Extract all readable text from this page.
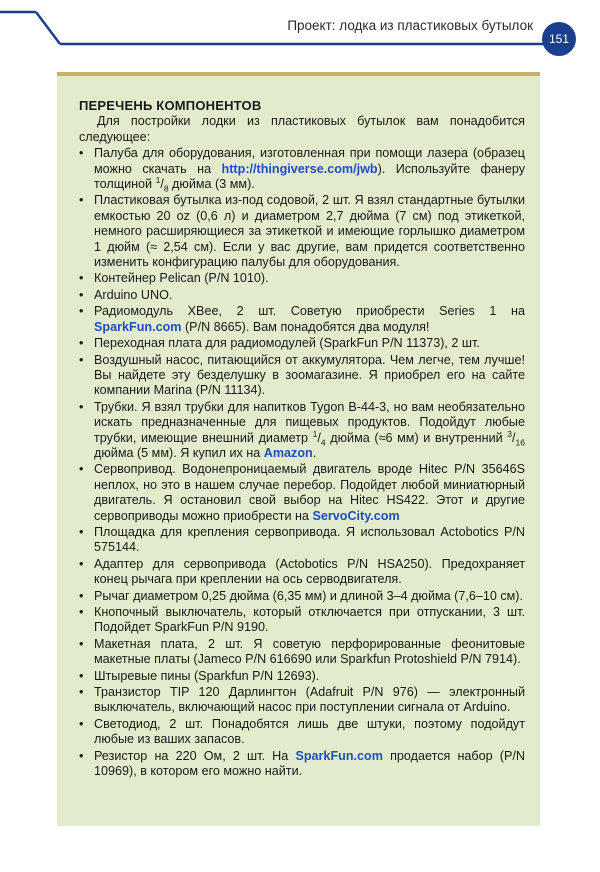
Проект: лодка из пластиковых бутылок
151
ПЕРЕЧЕНЬ КОМПОНЕНТОВ

Для постройки лодки из пластиковых бутылок вам понадобится следующее:

• Палуба для оборудования, изготовленная при помощи лазера (образец можно скачать на http://thingiverse.com/jwb). Используйте фанеру толщиной $^1/_8$ дюйма (3 мм).
• Пластиковая бутылка из-под содовой, 2 шт. Я взял стандартные бутылки емкостью 20 oz (0,6 л) и диаметром 2,7 дюйма (7 см) под этикеткой, немного расширяющиеся за этикеткой и имеющие горлышко диаметром 1 дюйм (≈ 2,54 см). Если у вас другие, вам придется соответственно изменить конфигурацию палубы для оборудования.
• Контейнер Pelican (P/N 1010).
• Arduino UNO.
• Радиомодуль XBee, 2 шт. Советую приобрести Series 1 на SparkFun.com (P/N 8665). Вам понадобятся два модуля!
• Переходная плата для радиомодулей (SparkFun P/N 11373), 2 шт.
• Воздушный насос, питающийся от аккумулятора. Чем легче, тем лучше! Вы найдете эту безделушку в зоомагазине. Я приобрел его на сайте компании Marina (P/N 11134).
• Трубки. Я взял трубки для напитков Tygon B-44-3, но вам необязательно искать предназначенные для пищевых продуктов. Подойдут любые трубки, имеющие внешний диаметр $^1/_4$ дюйма (≈6 мм) и внутренний $^3/_{16}$ дюйма (5 мм). Я купил их на Amazon.
• Сервопривод. Водонепроницаемый двигатель вроде Hitec P/N 35646S неплох, но это в нашем случае перебор. Подойдет любой миниатюрный двигатель. Я остановил свой выбор на Hitec HS422. Этот и другие сервоприводы можно приобрести на ServoCity.com
• Площадка для крепления сервопривода. Я использовал Actobotics P/N 575144.
• Адаптер для сервопривода (Actobotics P/N HSA250). Предохраняет конец рычага при креплении на ось серводвигателя.
• Рычаг диаметром 0,25 дюйма (6,35 мм) и длиной 3–4 дюйма (7,6–10 см).
• Кнопочный выключатель, который отключается при отпускании, 3 шт. Подойдет SparkFun P/N 9190.
• Макетная плата, 2 шт. Я советую перфорированные феонитовые макетные платы (Jameco P/N 616690 или Sparkfun Protoshield P/N 7914).
• Штыревые пины (Sparkfun P/N 12693).
• Транзистор TIP 120 Дарлингтон (Adafruit P/N 976) — электронный выключатель, включающий насос при поступлении сигнала от Arduino.
• Светодиод, 2 шт. Понадобятся лишь две штуки, поэтому подойдут любые из ваших запасов.
• Резистор на 220 Ом, 2 шт. На SparkFun.com продается набор (P/N 10969), в котором его можно найти.
